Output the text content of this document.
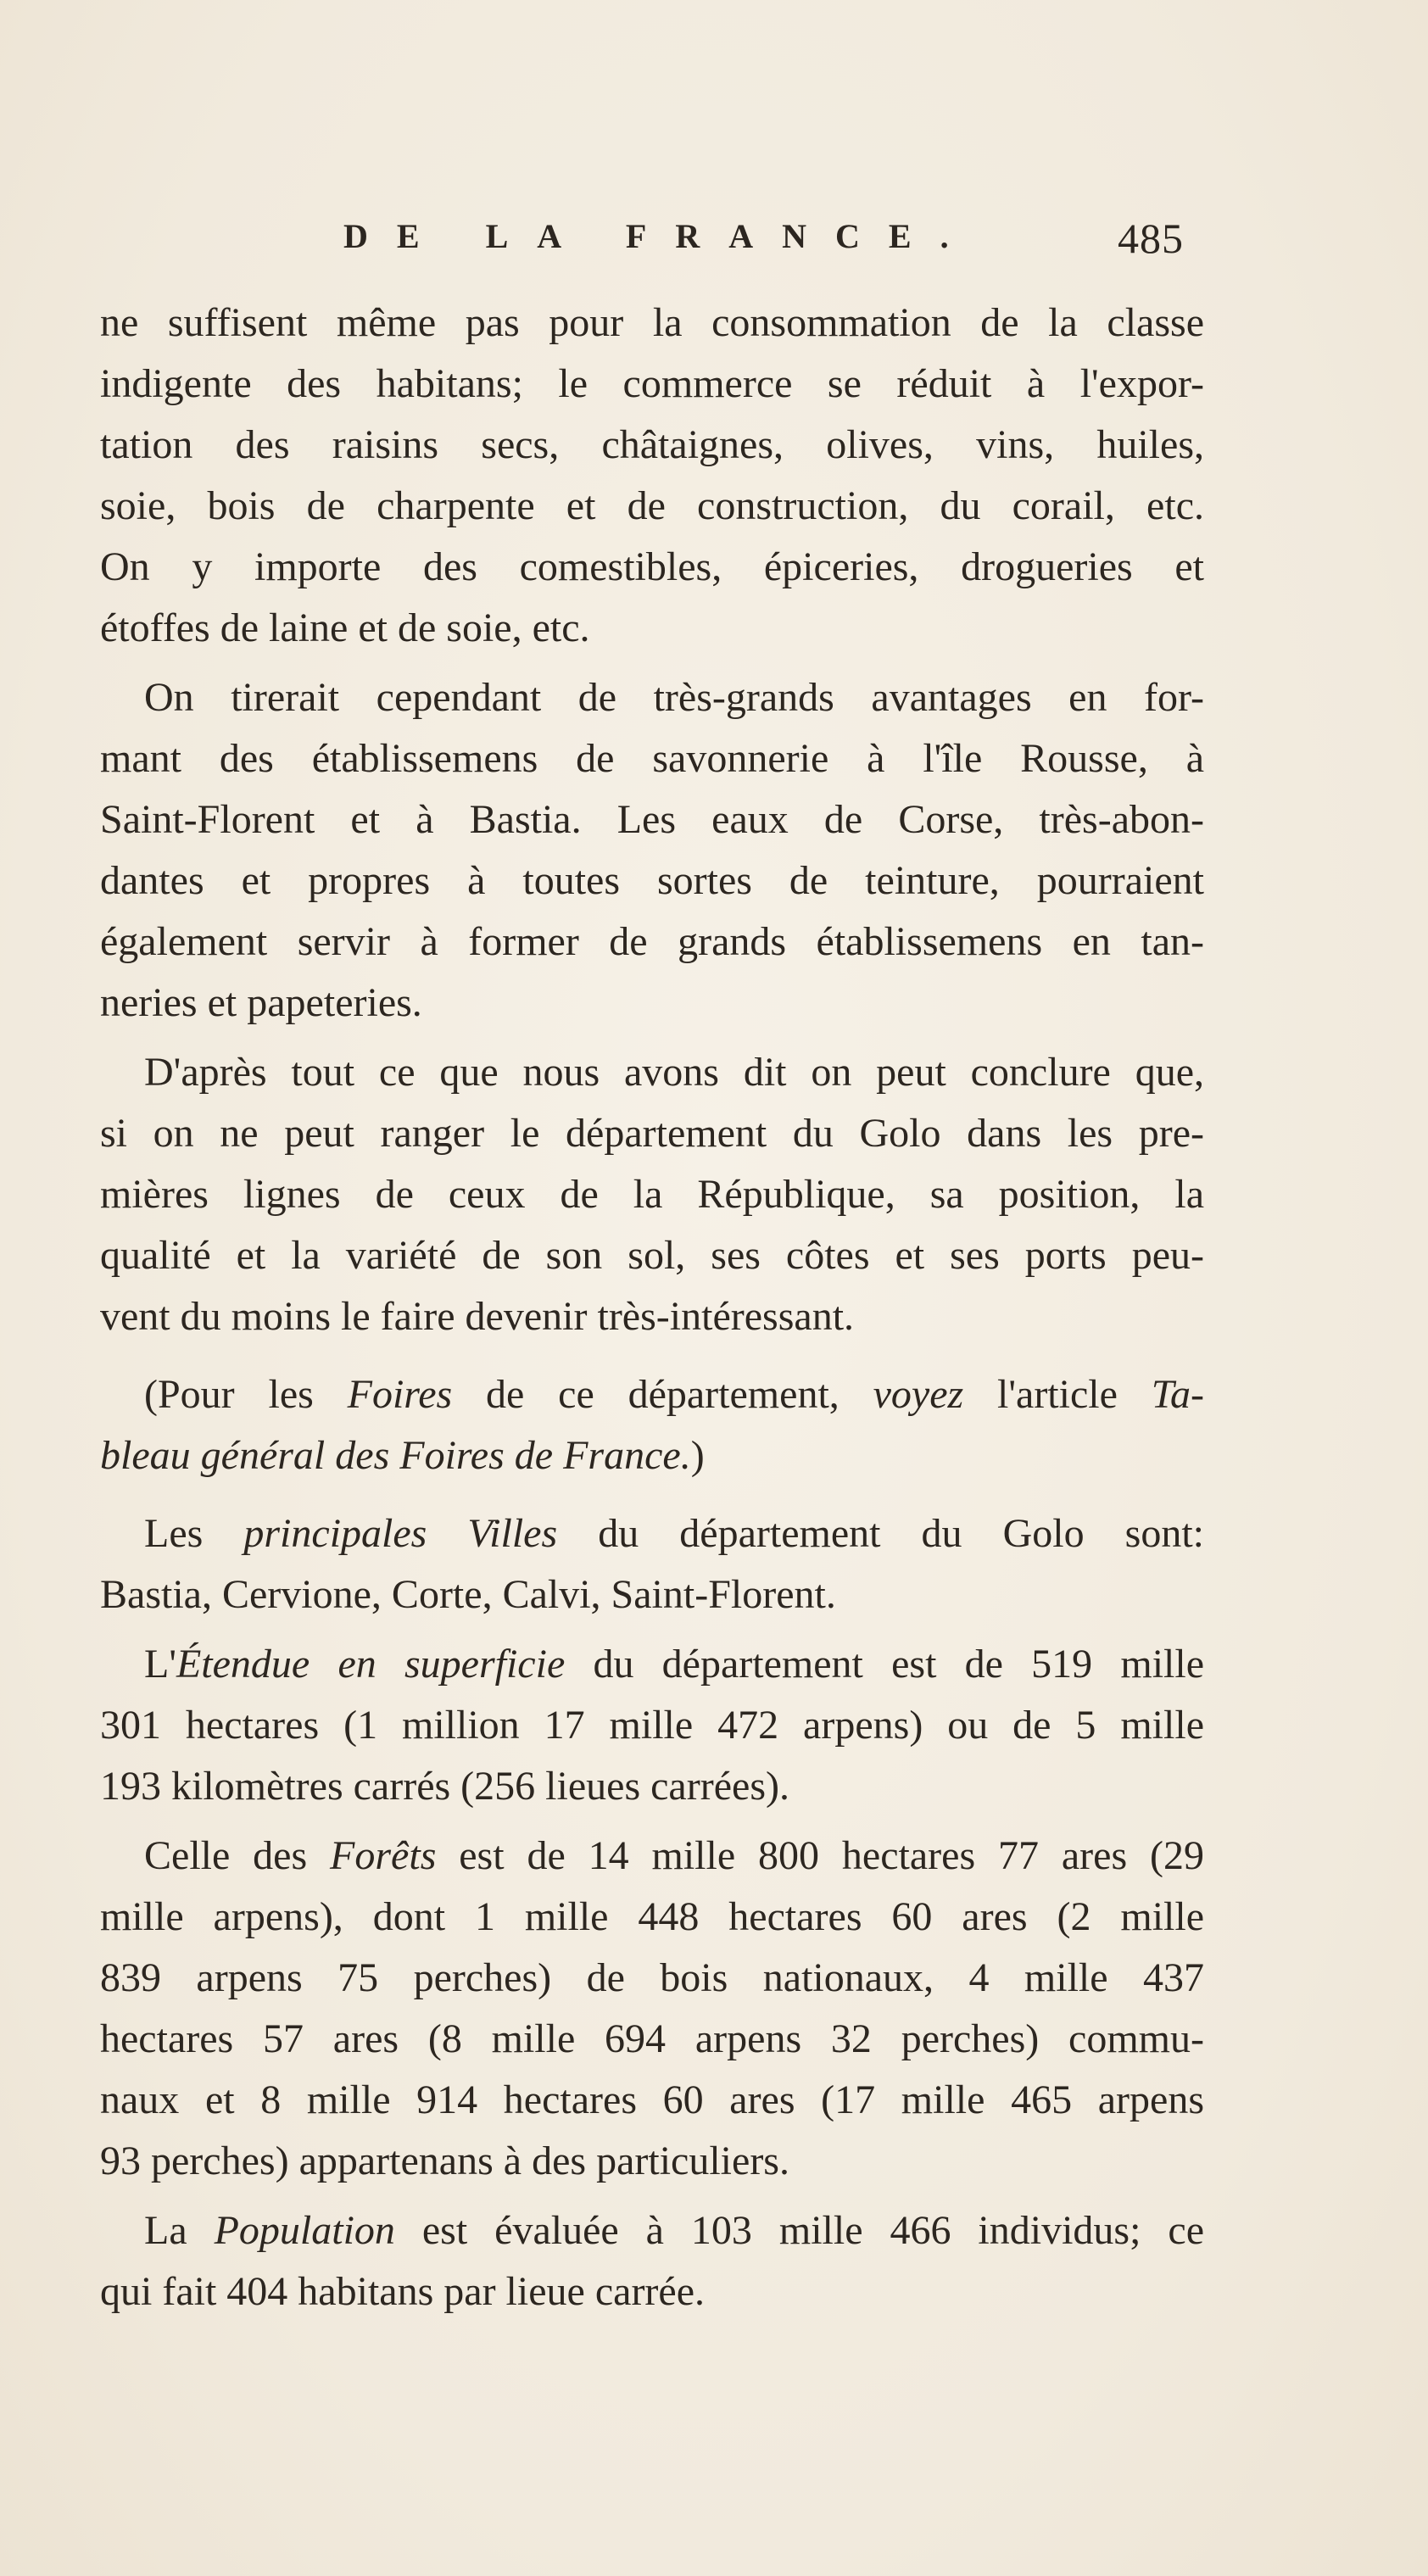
DE LA FRANCE.	485
ne suffisent même pas pour la consommation de la classe
indigente des habitans; le commerce se réduit à l'expor-
tation des raisins secs, châtaignes, olives, vins, huiles,
soie, bois de charpente et de construction, du corail, etc.
On y importe des comestibles, épiceries, drogueries et
étoffes de laine et de soie, etc.
On tirerait cependant de très-grands avantages en for-
mant des établissemens de savonnerie à l'île Rousse, à
Saint-Florent et à Bastia. Les eaux de Corse, très-abon-
dantes et propres à toutes sortes de teinture, pourraient
également servir à former de grands établissemens en tan-
neries et papeteries.
D'après tout ce que nous avons dit on peut conclure que,
si on ne peut ranger le département du Golo dans les pre-
mières lignes de ceux de la République, sa position, la
qualité et la variété de son sol, ses côtes et ses ports peu-
vent du moins le faire devenir très-intéressant.
(Pour les Foires de ce département, voyez l'article Ta-
bleau général des Foires de France.)
Les principales Villes du département du Golo sont:
Bastia, Cervione, Corte, Calvi, Saint-Florent.
L'Étendue en superficie du département est de 519 mille
301 hectares (1 million 17 mille 472 arpens) ou de 5 mille
193 kilomètres carrés (256 lieues carrées).
Celle des Forêts est de 14 mille 800 hectares 77 ares (29
mille arpens), dont 1 mille 448 hectares 60 ares (2 mille
839 arpens 75 perches) de bois nationaux, 4 mille 437
hectares 57 ares (8 mille 694 arpens 32 perches) commu-
naux et 8 mille 914 hectares 60 ares (17 mille 465 arpens
93 perches) appartenans à des particuliers.
La Population est évaluée à 103 mille 466 individus; ce
qui fait 404 habitans par lieue carrée.
